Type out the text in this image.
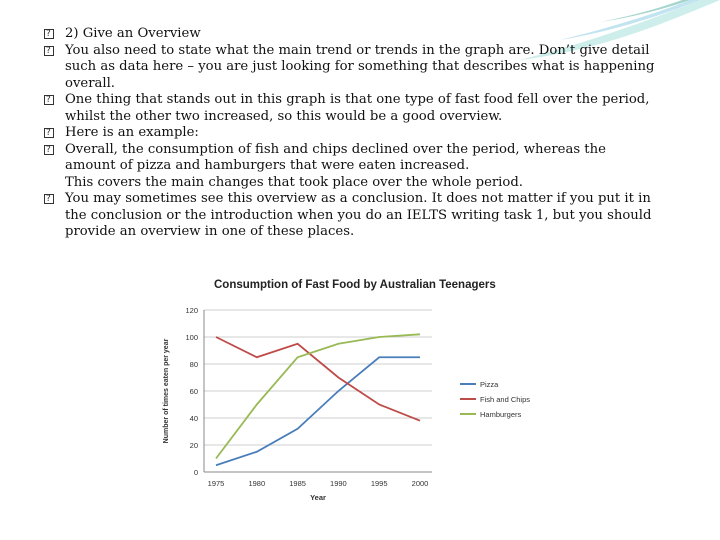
?
2) Give an Overview
?
You also need to state what the main trend or trends in the graph are. Don’t give detail
such as data here – you are just looking for something that describes what is happening
overall.
?
One thing that stands out in this graph is that one type of fast food fell over the period,
whilst the other two increased, so this would be a good overview.
?
Here is an example:
?
Overall, the consumption of fish and chips declined over the period, whereas the
amount of pizza and hamburgers that were eaten increased.
This covers the main changes that took place over the whole period.
?
You may sometimes see this overview as a conclusion. It does not matter if you put it in
the conclusion or the introduction when you do an IELTS writing task 1, but you should
provide an overview in one of these places.
Consumption of Fast Food by Australian Teenagers
0
20
40
60
80
100
120
1975	1980	1985	1990	1995	2000
Year
Number of times eaten per year	Pizza
Fish and Chips
Hamburgers
